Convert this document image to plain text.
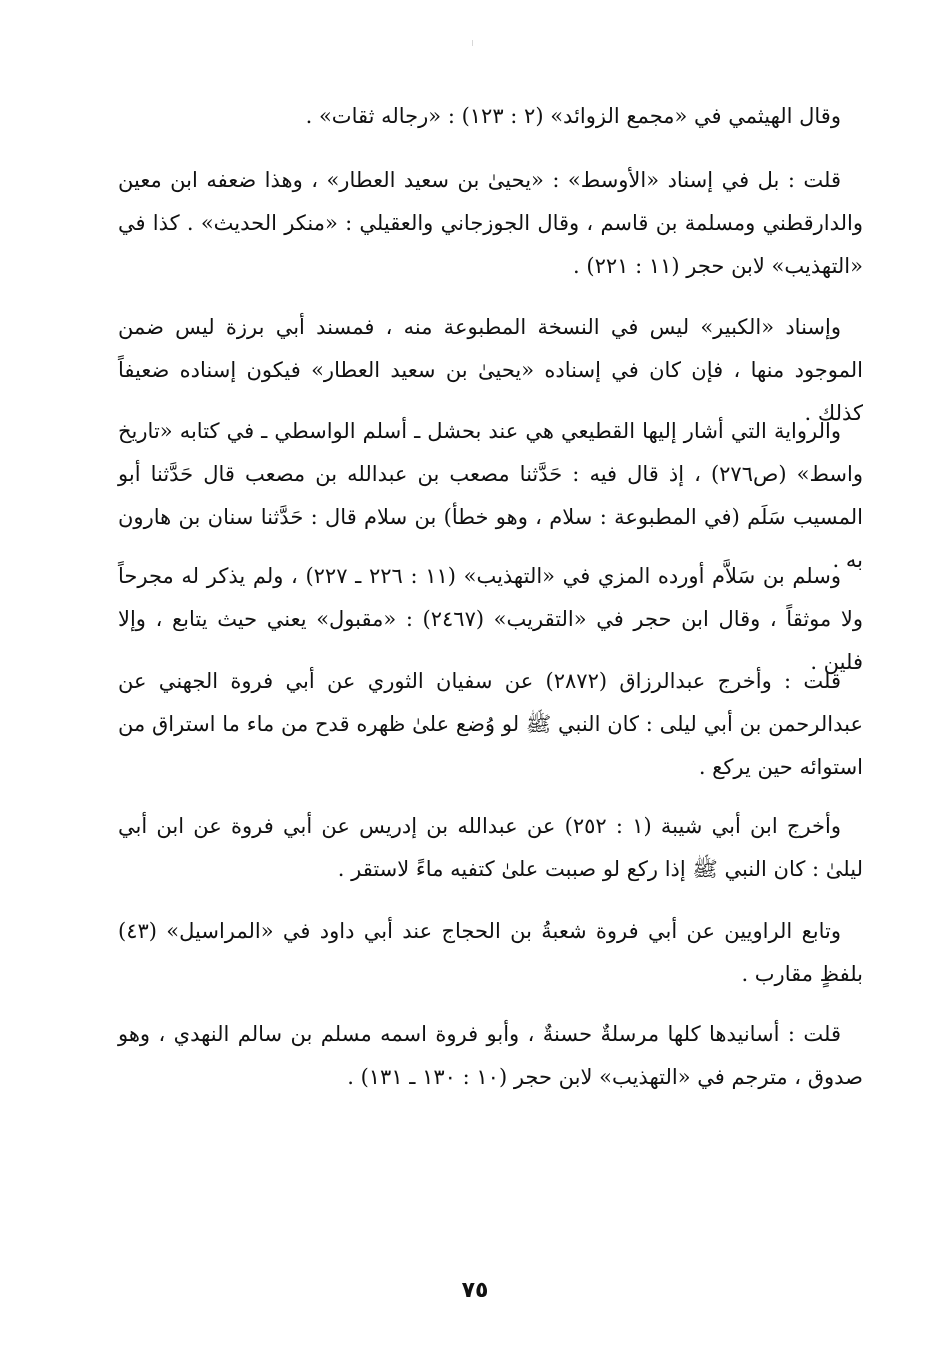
وقال الهيثمي في «مجمع الزوائد» (٢ : ١٢٣) : «رجاله ثقات» .

قلت : بل في إسناد «الأوسط» : «يحيىٰ بن سعيد العطار» ، وهذا ضعفه ابن معين والدارقطني ومسلمة بن قاسم ، وقال الجوزجاني والعقيلي : «منكر الحديث» . كذا في «التهذيب» لابن حجر (١١ : ٢٢١) .

وإسناد «الكبير» ليس في النسخة المطبوعة منه ، فمسند أبي برزة ليس ضمن الموجود منها ، فإن كان في إسناده «يحيىٰ بن سعيد العطار» فيكون إسناده ضعيفاً كذلك .

والرواية التي أشار إليها القطيعي هي عند بحشل ـ أسلم الواسطي ـ في كتابه «تاريخ واسط» (ص٢٧٦) ، إذ قال فيه : حَدَّثنا مصعب بن عبدالله بن مصعب قال حَدَّثنا أبو المسيب سَلَم (في المطبوعة : سلام ، وهو خطأ) بن سلام قال : حَدَّثنا سنان بن هارون به .

وسلم بن سَلاَّم أورده المزي في «التهذيب» (١١ : ٢٢٦ ـ ٢٢٧) ، ولم يذكر له مجرحاً ولا موثقاً ، وقال ابن حجر في «التقريب» (٢٤٦٧) : «مقبول» يعني حيث يتابع ، وإلا فلين .

قلت : وأخرج عبدالرزاق (٢٨٧٢) عن سفيان الثوري عن أبي فروة الجهني عن عبدالرحمن بن أبي ليلى : كان النبي ﷺ لو وُضع علىٰ ظهره قدح من ماء ما استراق من استوائه حين يركع .

وأخرج ابن أبي شيبة (١ : ٢٥٢) عن عبدالله بن إدريس عن أبي فروة عن ابن أبي ليلىٰ : كان النبي ﷺ إذا ركع لو صببت علىٰ كتفيه ماءً لاستقر .

وتابع الراويين عن أبي فروة شعبةُ بن الحجاج عند أبي داود في «المراسيل» (٤٣) بلفظٍ مقارب .

قلت : أسانيدها كلها مرسلةٌ حسنةٌ ، وأبو فروة اسمه مسلم بن سالم النهدي ، وهو صدوق ، مترجم في «التهذيب» لابن حجر (١٠ : ١٣٠ ـ ١٣١) .

٧٥
